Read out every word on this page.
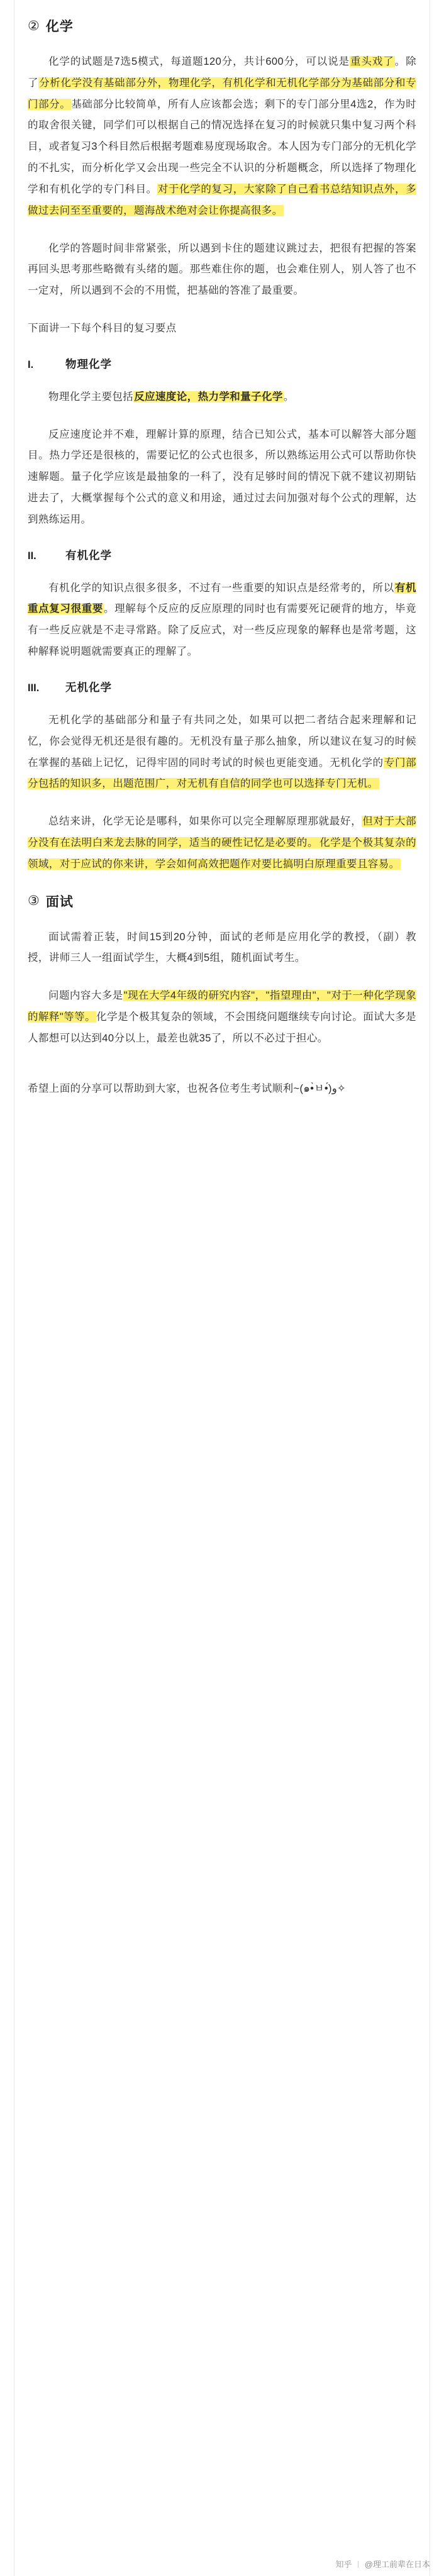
② 化学

化学的试题是7选5模式，每道题120分，共计600分，可以说是重头戏了。除了分析化学没有基础部分外，物理化学，有机化学和无机化学部分为基础部分和专门部分。基础部分比较简单，所有人应该都会选；剩下的专门部分里4选2，作为时的取舍很关键，同学们可以根据自己的情况选择在复习的时候就只集中复习两个科目，或者复习3个科目然后根据考题难易度现场取舍。本人因为专门部分的无机化学的不扎实，而分析化学又会出现一些完全不认识的分析题概念，所以选择了物理化学和有机化学的专门科目。对于化学的复习，大家除了自己看书总结知识点外，多做过去问至至重要的，题海战术绝对会让你提高很多。

化学的答题时间非常紧张，所以遇到卡住的题建议跳过去，把很有把握的答案再回头思考那些略微有头绪的题。那些难住你的题，也会难住别人，别人答了也不一定对，所以遇到不会的不用慌，把基础的答准了最重要。

下面讲一下每个科目的复习要点

I.	物理化学

物理化学主要包括反应速度论，热力学和量子化学。

反应速度论并不难，理解计算的原理，结合已知公式，基本可以解答大部分题目。热力学还是很核的，需要记忆的公式也很多，所以熟练运用公式可以帮助你快速解题。量子化学应该是最抽象的一科了，没有足够时间的情况下就不建议初期钻进去了，大概掌握每个公式的意义和用途，通过过去问加强对每个公式的理解，达到熟练运用。

II.	有机化学

有机化学的知识点很多很多，不过有一些重要的知识点是经常考的，所以有机重点复习很重要。理解每个反应的反应原理的同时也有需要死记硬背的地方，毕竟有一些反应就是不走寻常路。除了反应式，对一些反应现象的解释也是常考题，这种解释说明题就需要真正的理解了。

III.	无机化学

无机化学的基础部分和量子有共同之处，如果可以把二者结合起来理解和记忆，你会觉得无机还是很有趣的。无机没有量子那么抽象，所以建议在复习的时候在掌握的基础上记忆，记得牢固的同时考试的时候也更能变通。无机化学的专门部分包括的知识多，出题范围广，对无机有自信的同学也可以选择专门无机。

总结来讲，化学无论是哪科，如果你可以完全理解原理那就最好，但对于大部分没有在法明白来龙去脉的同学，适当的硬性记忆是必要的。 化学是个极其复杂的领域，对于应试的你来讲，学会如何高效把题作对要比搞明白原理重要且容易。

③ 面试

面试需着正装，时间15到20分钟，面试的老师是应用化学的教授，（副）教授，讲师三人一组面试学生，大概4到5组，随机面试考生。

问题内容大多是"现在大学4年级的研究内容"，"指望理由"，"对于一种化学现象的解释"等等。化学是个极其复杂的领域，不会围绕问题继续专向讨论。面试大多是人都想可以达到40分以上，最差也就35了，所以不必过于担心。

希望上面的分享可以帮助到大家，也祝各位考生考试顺利~(๑•̀ㅂ•́)و✧

知乎 @理工前辈在日本
